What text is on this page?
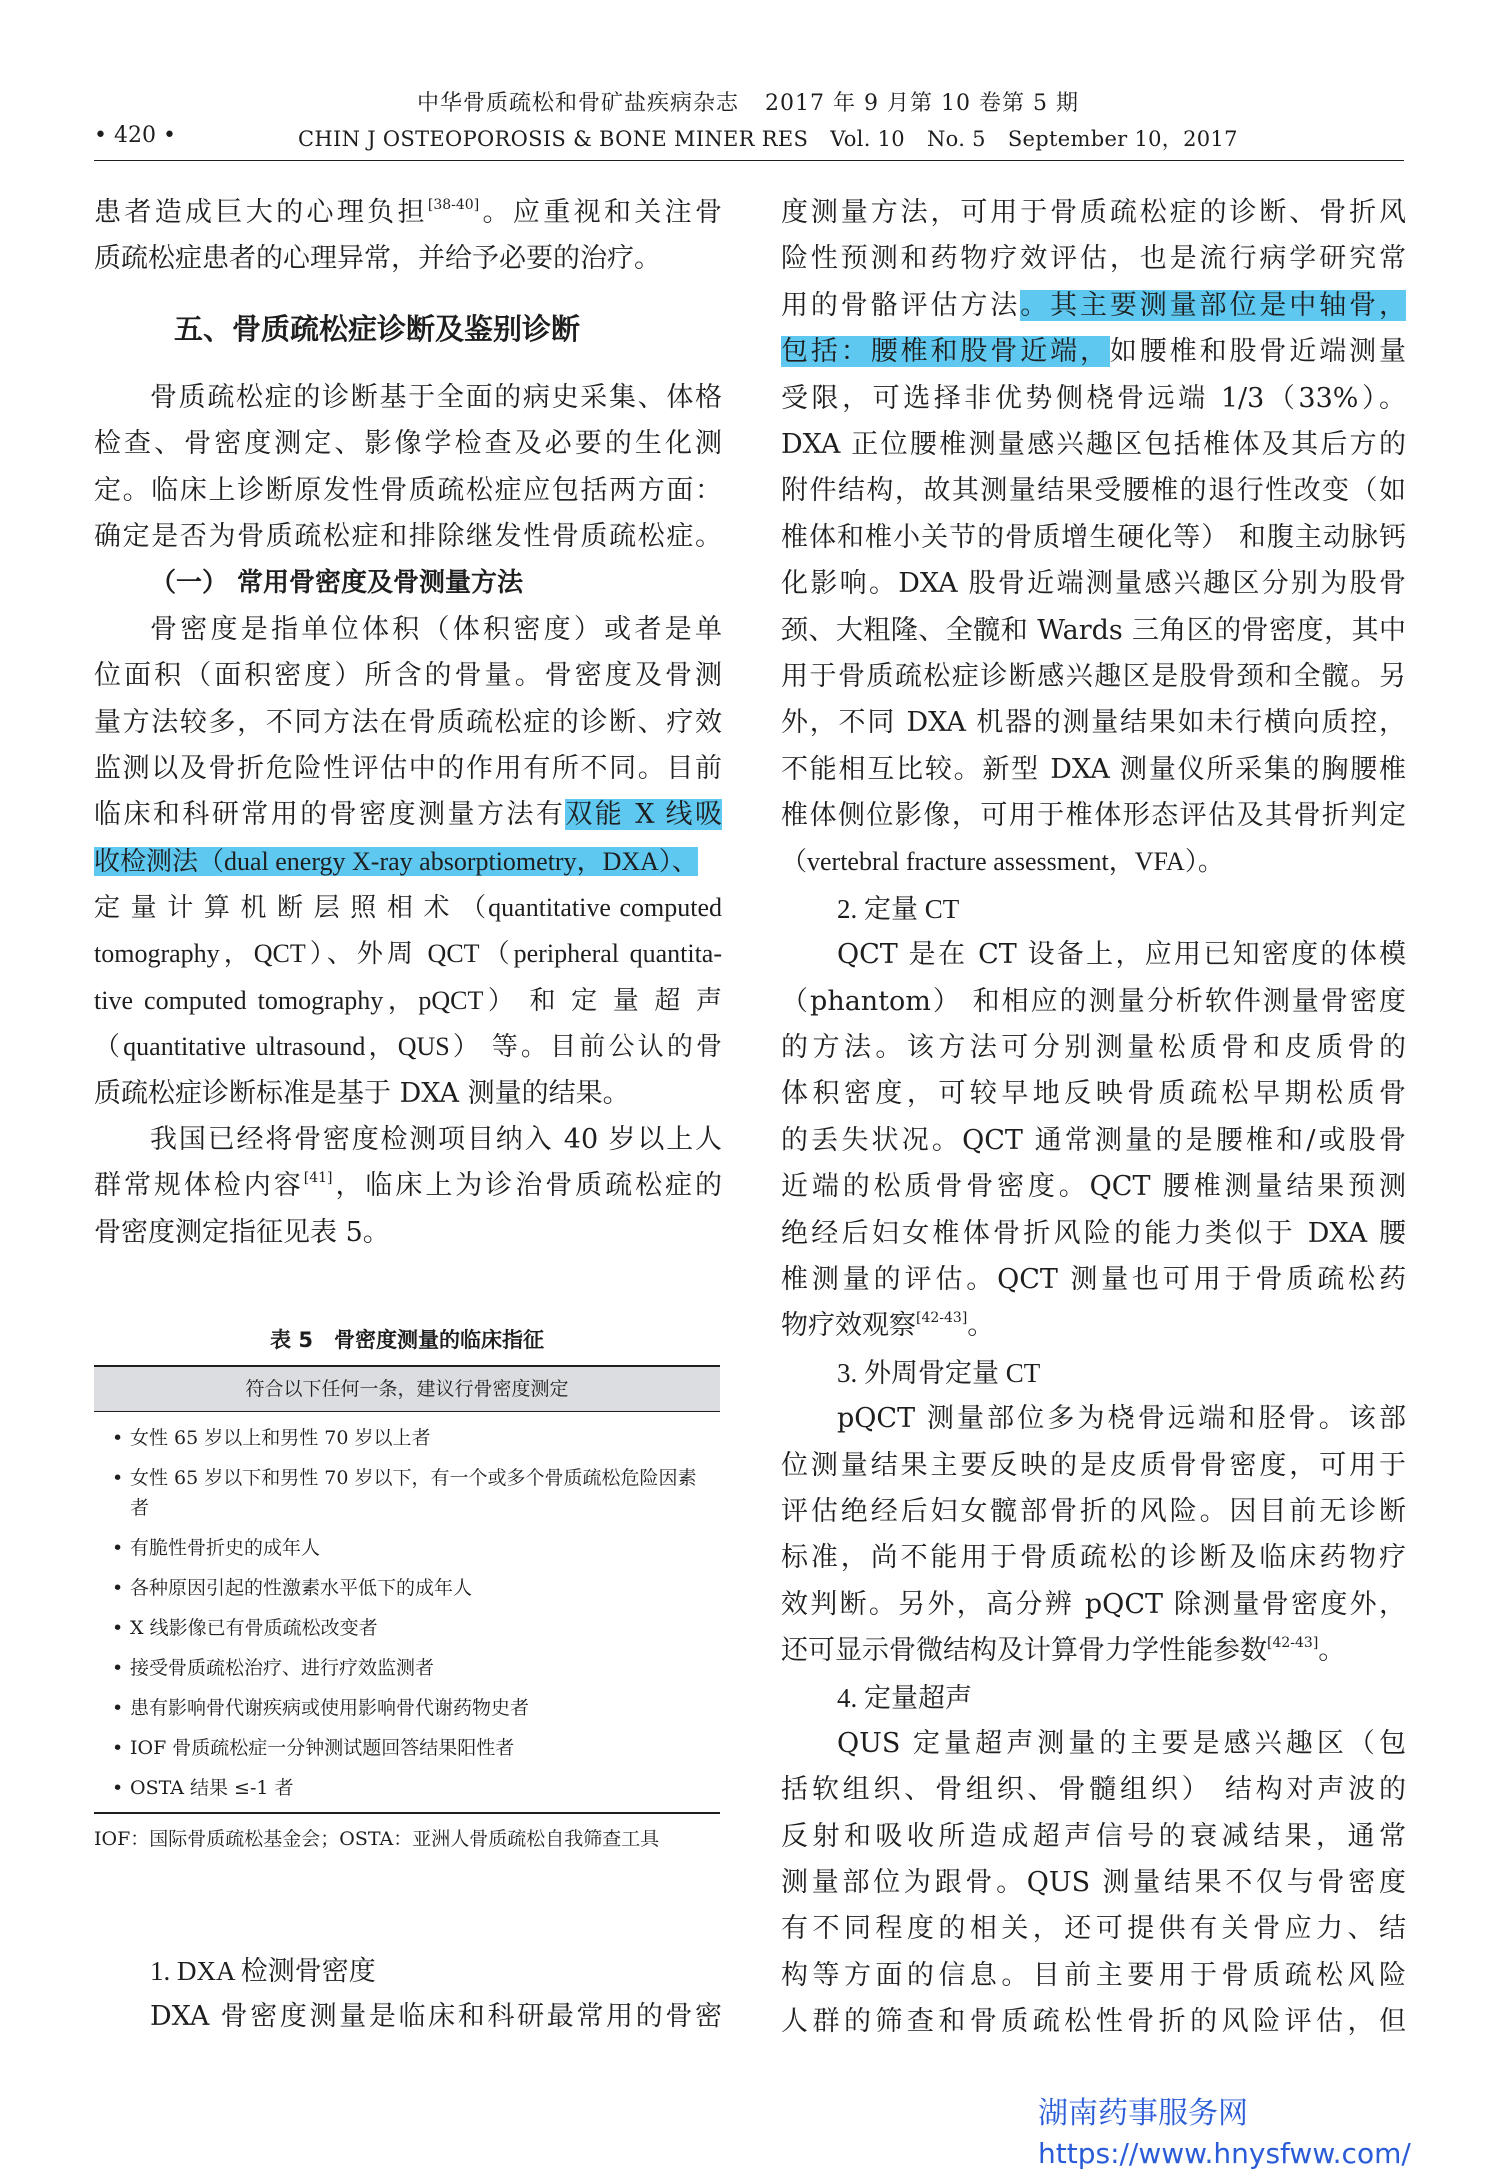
中华骨质疏松和骨矿盐疾病杂志 2017 年 9 月第 10 卷第 5 期
• 420 •	CHIN J OSTEOPOROSIS & BONE MINER RES Vol. 10 No. 5 September 10，2017
患者造成巨大的心理负担[38-40]。应重视和关注骨
质疏松症患者的心理异常，并给予必要的治疗。
五、骨质疏松症诊断及鉴别诊断
骨质疏松症的诊断基于全面的病史采集、体格
检查、骨密度测定、影像学检查及必要的生化测
定。临床上诊断原发性骨质疏松症应包括两方面：
确定是否为骨质疏松症和排除继发性骨质疏松症。
（一） 常用骨密度及骨测量方法
骨密度是指单位体积（体积密度）或者是单
位面积（面积密度）所含的骨量。骨密度及骨测
量方法较多，不同方法在骨质疏松症的诊断、疗效
监测以及骨折危险性评估中的作用有所不同。目前
临床和科研常用的骨密度测量方法有双能 X 线吸
收检测法（dual energy X-ray absorptiometry，DXA）、
定 量 计 算 机 断 层 照 相 术 （quantitative computed
tomography，QCT）、外周 QCT（peripheral quantita-
tive computed tomography，pQCT） 和 定 量 超 声
（quantitative ultrasound，QUS） 等。目前公认的骨
质疏松症诊断标准是基于 DXA 测量的结果。
我国已经将骨密度检测项目纳入 40 岁以上人
群常规体检内容[41]，临床上为诊治骨质疏松症的
骨密度测定指征见表 5。
表 5　骨密度测量的临床指征
符合以下任何一条，建议行骨密度测定
• 女性 65 岁以上和男性 70 岁以上者
• 女性 65 岁以下和男性 70 岁以下，有一个或多个骨质疏松危险因素者
• 有脆性骨折史的成年人
• 各种原因引起的性激素水平低下的成年人
• X 线影像已有骨质疏松改变者
• 接受骨质疏松治疗、进行疗效监测者
• 患有影响骨代谢疾病或使用影响骨代谢药物史者
• IOF 骨质疏松症一分钟测试题回答结果阳性者
• OSTA 结果 ≤-1 者
IOF：国际骨质疏松基金会；OSTA：亚洲人骨质疏松自我筛查工具
1. DXA 检测骨密度
DXA 骨密度测量是临床和科研最常用的骨密
度测量方法，可用于骨质疏松症的诊断、骨折风
险性预测和药物疗效评估，也是流行病学研究常
用的骨骼评估方法。其主要测量部位是中轴骨，
包括：腰椎和股骨近端，如腰椎和股骨近端测量
受限，可选择非优势侧桡骨远端 1/3（33%）。
DXA 正位腰椎测量感兴趣区包括椎体及其后方的
附件结构，故其测量结果受腰椎的退行性改变（如
椎体和椎小关节的骨质增生硬化等） 和腹主动脉钙
化影响。DXA 股骨近端测量感兴趣区分别为股骨
颈、大粗隆、全髋和 Wards 三角区的骨密度，其中
用于骨质疏松症诊断感兴趣区是股骨颈和全髋。另
外，不同 DXA 机器的测量结果如未行横向质控，
不能相互比较。新型 DXA 测量仪所采集的胸腰椎
椎体侧位影像，可用于椎体形态评估及其骨折判定
（vertebral fracture assessment，VFA）。
2. 定量 CT
QCT 是在 CT 设备上，应用已知密度的体模
（phantom） 和相应的测量分析软件测量骨密度
的方法。该方法可分别测量松质骨和皮质骨的
体积密度，可较早地反映骨质疏松早期松质骨
的丢失状况。QCT 通常测量的是腰椎和/或股骨
近端的松质骨骨密度。QCT 腰椎测量结果预测
绝经后妇女椎体骨折风险的能力类似于 DXA 腰
椎测量的评估。QCT 测量也可用于骨质疏松药
物疗效观察[42-43]。
3. 外周骨定量 CT
pQCT 测量部位多为桡骨远端和胫骨。该部
位测量结果主要反映的是皮质骨骨密度，可用于
评估绝经后妇女髋部骨折的风险。因目前无诊断
标准，尚不能用于骨质疏松的诊断及临床药物疗
效判断。另外，高分辨 pQCT 除测量骨密度外，
还可显示骨微结构及计算骨力学性能参数[42-43]。
4. 定量超声
QUS 定量超声测量的主要是感兴趣区（包
括软组织、骨组织、骨髓组织） 结构对声波的
反射和吸收所造成超声信号的衰减结果，通常
测量部位为跟骨。QUS 测量结果不仅与骨密度
有不同程度的相关，还可提供有关骨应力、结
构等方面的信息。目前主要用于骨质疏松风险
人群的筛查和骨质疏松性骨折的风险评估，但
湖南药事服务网
https://www.hnysfww.com/
